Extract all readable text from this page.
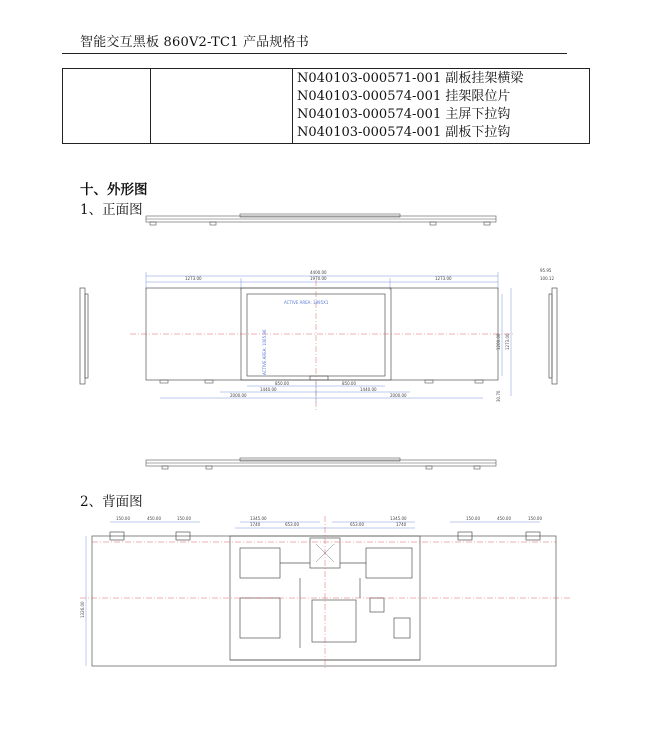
智能交互黑板 860V2-TC1 产品规格书

N040103-000571-001 副板挂架横梁
N040103-000574-001 挂架限位片
N040103-000574-001 主屏下拉钩
N040103-000574-001 副板下拉钩
十、外形图
1、正面图
4400.00
1273.00	1970.00	1273.00
ACTIVE AREA: 1895X1
ACTIVE AREA: 1065.96
850.00	850.00
1440.00	1440.00
2000.00	2000.00
1200.00 1273.00
30.70
95.95
100.12
2、背面图
150.00	450.00	150.00	1345.00
1740	653.00	653.00
1345.00
1740
150.00	450.00	150.00
1326.00
